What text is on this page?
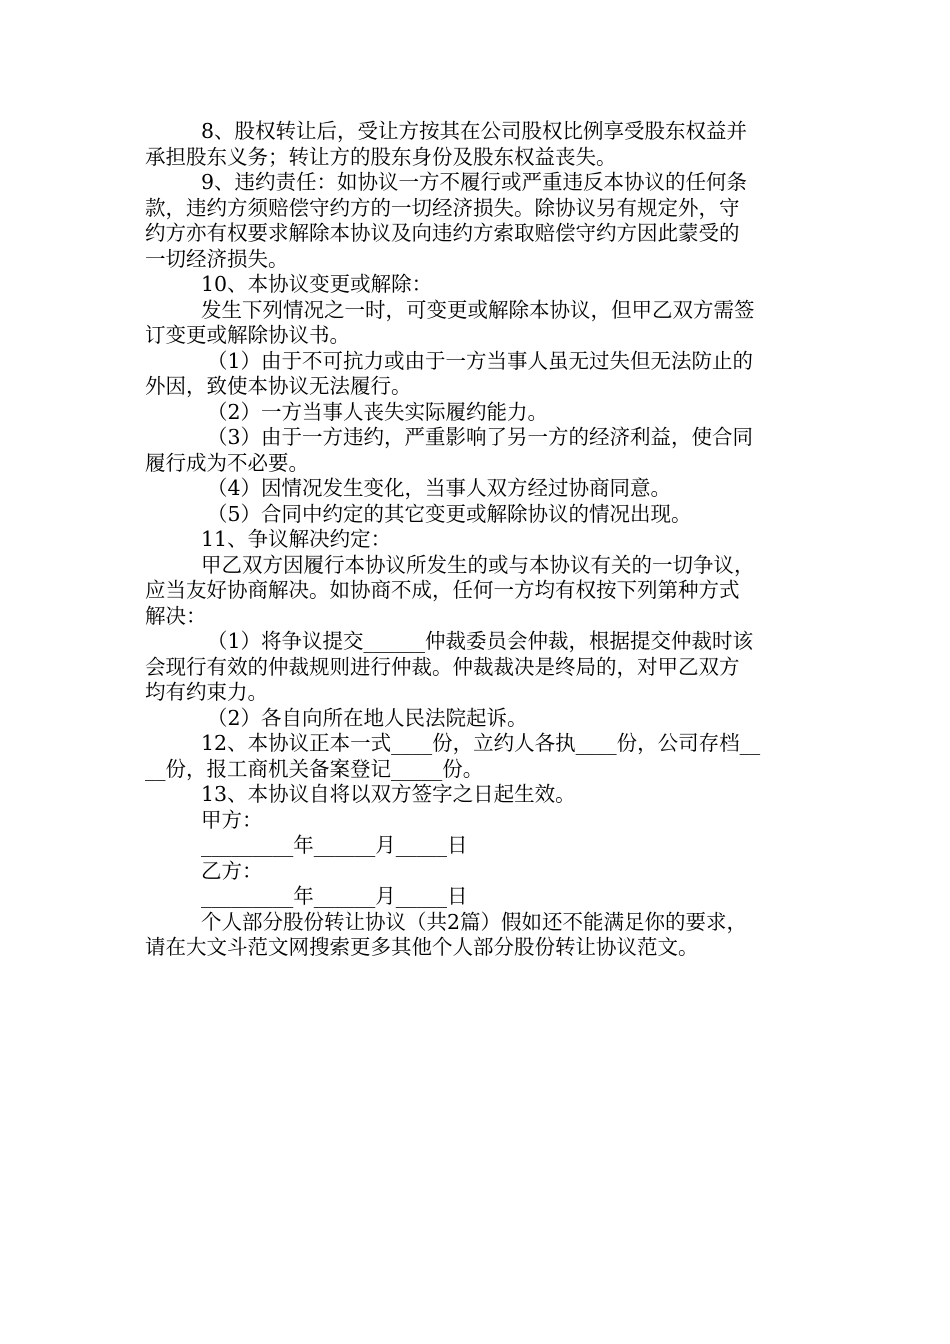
8、股权转让后，受让方按其在公司股权比例享受股东权益并
承担股东义务；转让方的股东身份及股东权益丧失。
9、违约责任：如协议一方不履行或严重违反本协议的任何条
款，违约方须赔偿守约方的一切经济损失。除协议另有规定外，守
约方亦有权要求解除本协议及向违约方索取赔偿守约方因此蒙受的
一切经济损失。
10、本协议变更或解除：
发生下列情况之一时，可变更或解除本协议，但甲乙双方需签
订变更或解除协议书。
（1）由于不可抗力或由于一方当事人虽无过失但无法防止的
外因，致使本协议无法履行。
（2）一方当事人丧失实际履约能力。
（3）由于一方违约，严重影响了另一方的经济利益，使合同
履行成为不必要。
（4）因情况发生变化，当事人双方经过协商同意。
（5）合同中约定的其它变更或解除协议的情况出现。
11、争议解决约定：
甲乙双方因履行本协议所发生的或与本协议有关的一切争议，
应当友好协商解决。如协商不成，任何一方均有权按下列第种方式
解决：
（1）将争议提交______仲裁委员会仲裁，根据提交仲裁时该
会现行有效的仲裁规则进行仲裁。仲裁裁决是终局的，对甲乙双方
均有约束力。
（2）各自向所在地人民法院起诉。
12、本协议正本一式____份，立约人各执____份，公司存档__
__份，报工商机关备案登记_____份。
13、本协议自将以双方签字之日起生效。
甲方：
_________年______月_____日
乙方：
_________年______月_____日
个人部分股份转让协议（共2篇）假如还不能满足你的要求，
请在大文斗范文网搜索更多其他个人部分股份转让协议范文。
